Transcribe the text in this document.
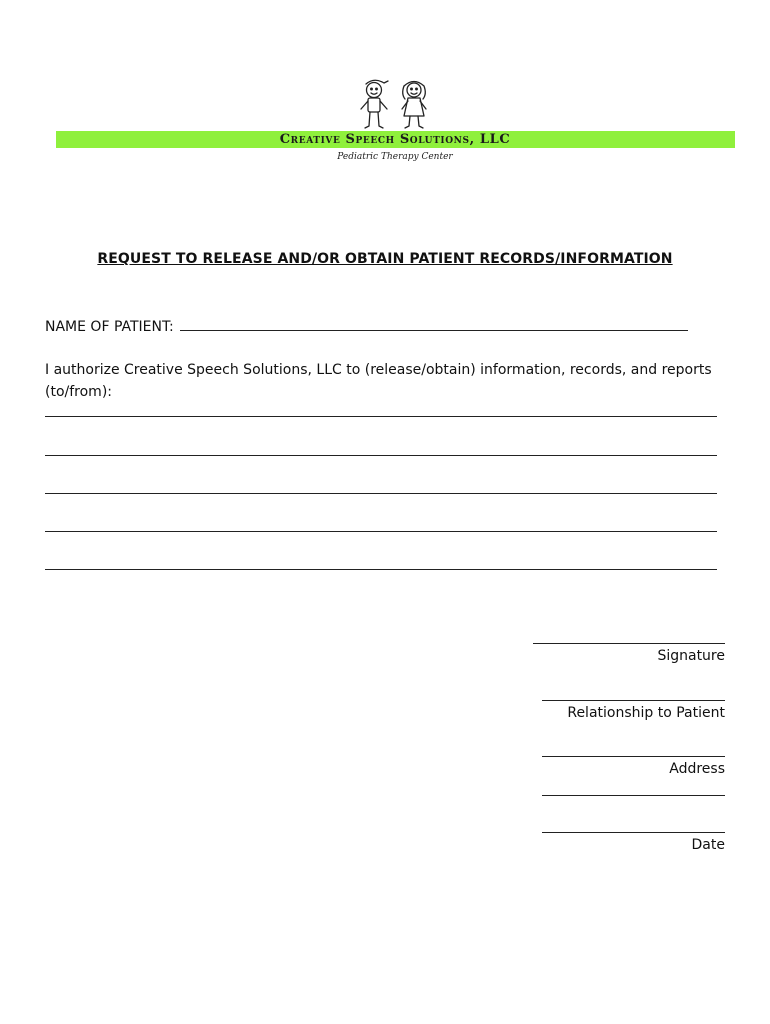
Creative Speech Solutions, LLC
Pediatric Therapy Center
REQUEST TO RELEASE AND/OR OBTAIN PATIENT RECORDS/INFORMATION
NAME OF PATIENT:
I authorize Creative Speech Solutions, LLC to (release/obtain) information, records, and reports (to/from):
Signature
Relationship to Patient
Address
Date
